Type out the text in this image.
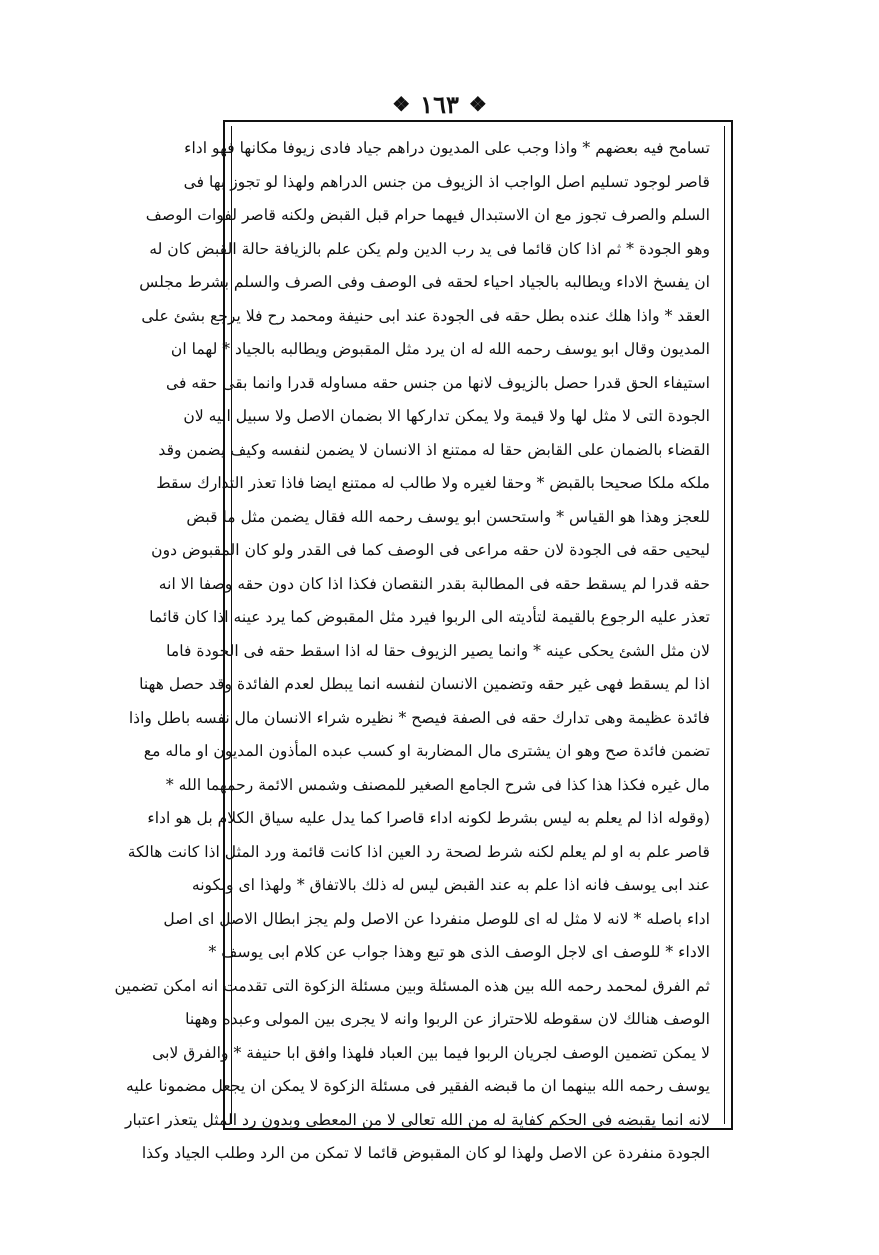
❖
١٦٣
❖
تسامح فيه بعضهم * واذا وجب على المديون دراهم جياد فادى زيوفا مكانها فهو اداء
قاصر لوجود تسليم اصل الواجب اذ الزيوف من جنس الدراهم ولهذا لو تجوز بها فى
السلم والصرف تجوز مع ان الاستبدال فيهما حرام قبل القبض ولكنه قاصر لفوات الوصف
وهو الجودة * ثم اذا كان قائما فى يد رب الدين ولم يكن علم بالزيافة حالة القبض كان له
ان يفسخ الاداء ويطالبه بالجياد احياء لحقه فى الوصف وفى الصرف والسلم بشرط مجلس
العقد * واذا هلك عنده بطل حقه فى الجودة عند ابى حنيفة ومحمد رح فلا يرجع بشئ على
المديون وقال ابو يوسف رحمه الله له ان يرد مثل المقبوض ويطالبه بالجياد * لهما ان
استيفاء الحق قدرا حصل بالزيوف لانها من جنس حقه مساوله قدرا وانما بقى حقه فى
الجودة التى لا مثل لها ولا قيمة ولا يمكن تداركها الا بضمان الاصل ولا سبيل اليه لان
القضاء بالضمان على القابض حقا له ممتنع اذ الانسان لا يضمن لنفسه وكيف يضمن وقد
ملكه ملكا صحيحا بالقبض * وحقا لغيره ولا طالب له ممتنع ايضا فاذا تعذر التدارك سقط
للعجز وهذا هو القياس * واستحسن ابو يوسف رحمه الله فقال يضمن مثل ما قبض
ليحيى حقه فى الجودة لان حقه مراعى فى الوصف كما فى القدر ولو كان المقبوض دون
حقه قدرا لم يسقط حقه فى المطالبة بقدر النقصان فكذا اذا كان دون حقه وصفا الا انه
تعذر عليه الرجوع بالقيمة لتأديته الى الربوا فيرد مثل المقبوض كما يرد عينه اذا كان قائما
لان مثل الشئ يحكى عينه * وانما يصير الزيوف حقا له اذا اسقط حقه فى الجودة فاما
اذا لم يسقط فهى غير حقه وتضمين الانسان لنفسه انما يبطل لعدم الفائدة وقد حصل ههنا
فائدة عظيمة وهى تدارك حقه فى الصفة فيصح * نظيره شراء الانسان مال نفسه باطل واذا
تضمن فائدة صح وهو ان يشترى مال المضاربة او كسب عبده المأذون المديون او ماله مع
مال غيره فكذا هذا كذا فى شرح الجامع الصغير للمصنف وشمس الائمة رحمهما الله *
(وقوله اذا لم يعلم به ليس بشرط لكونه اداء قاصرا كما يدل عليه سياق الكلام بل هو اداء
قاصر علم به او لم يعلم لكنه شرط لصحة رد العين اذا كانت قائمة ورد المثل اذا كانت هالكة
عند ابى يوسف فانه اذا علم به عند القبض ليس له ذلك بالاتفاق * ولهذا اى ولكونه
اداء باصله * لانه لا مثل له اى للوصل منفردا عن الاصل ولم يجز ابطال الاصل اى اصل
الاداء * للوصف اى لاجل الوصف الذى هو تبع وهذا جواب عن كلام ابى يوسف *
ثم الفرق لمحمد رحمه الله بين هذه المسئلة وبين مسئلة الزكوة التى تقدمت انه امكن تضمين
الوصف هنالك لان سقوطه للاحتراز عن الربوا وانه لا يجرى بين المولى وعبده وههنا
لا يمكن تضمين الوصف لجريان الربوا فيما بين العباد فلهذا وافق ابا حنيفة * والفرق لابى
يوسف رحمه الله بينهما ان ما قبضه الفقير فى مسئلة الزكوة لا يمكن ان يجعل مضمونا عليه
لانه انما يقبضه فى الحكم كفاية له من الله تعالى لا من المعطى وبدون رد المثل يتعذر اعتبار
الجودة منفردة عن الاصل ولهذا لو كان المقبوض قائما لا تمكن من الرد وطلب الجياد وكذا
